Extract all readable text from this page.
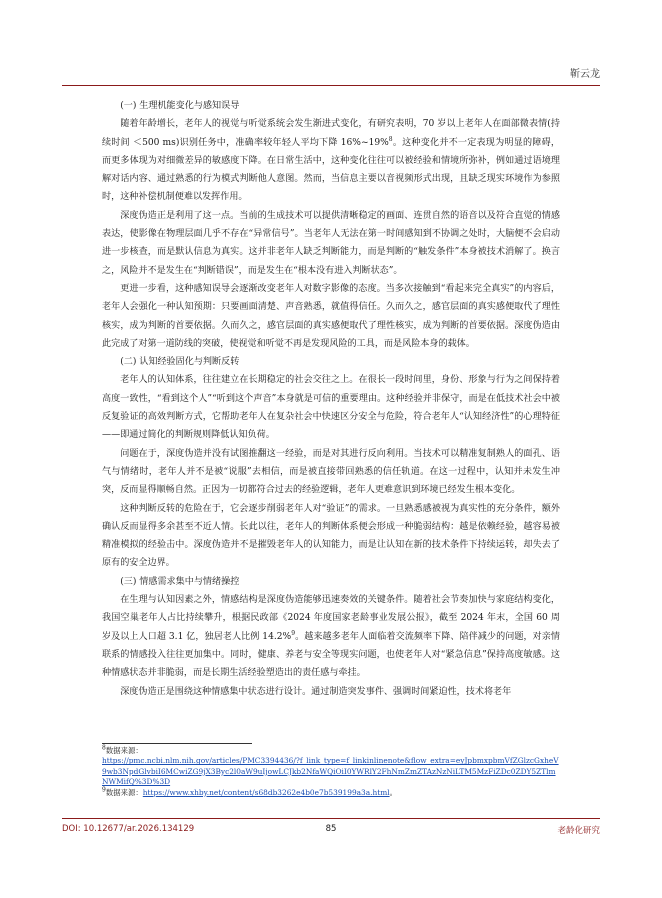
靳云龙
(一) 生理机能变化与感知误导

随着年龄增长，老年人的视觉与听觉系统会发生渐进式变化，有研究表明，70 岁以上老年人在面部微表情(持续时间 ＜500 ms)识别任务中，准确率较年轻人平均下降 16%~19%$^8$。这种变化并不一定表现为明显的障碍，而更多体现为对细微差异的敏感度下降。在日常生活中，这种变化往往可以被经验和情境所弥补，例如通过语境理解对话内容、通过熟悉的行为模式判断他人意图。然而，当信息主要以音视频形式出现，且缺乏现实环境作为参照时，这种补偿机制便难以发挥作用。

深度伪造正是利用了这一点。当前的生成技术可以提供清晰稳定的画面、连贯自然的语音以及符合直觉的情感表达，使影像在物理层面几乎不存在“异常信号”。当老年人无法在第一时间感知到不协调之处时，大脑便不会启动进一步核查，而是默认信息为真实。这并非老年人缺乏判断能力，而是判断的“触发条件”本身被技术消解了。换言之，风险并不是发生在“判断错误”，而是发生在“根本没有进入判断状态”。

更进一步看，这种感知误导会逐渐改变老年人对数字影像的态度。当多次接触到“看起来完全真实”的内容后，老年人会强化一种认知预期：只要画面清楚、声音熟悉，就值得信任。久而久之，感官层面的真实感便取代了理性核实，成为判断的首要依据。久而久之，感官层面的真实感便取代了理性核实，成为判断的首要依据。深度伪造由此完成了对第一道防线的突破，使视觉和听觉不再是发现风险的工具，而是风险本身的载体。

(二) 认知经验固化与判断反转

老年人的认知体系，往往建立在长期稳定的社会交往之上。在很长一段时间里，身份、形象与行为之间保持着高度一致性，“看到这个人”“听到这个声音”本身就是可信的重要理由。这种经验并非保守，而是在低技术社会中被反复验证的高效判断方式，它帮助老年人在复杂社会中快速区分安全与危险，符合老年人“认知经济性”的心理特征——即通过简化的判断规则降低认知负荷。

问题在于，深度伪造并没有试图推翻这一经验，而是对其进行反向利用。当技术可以精准复制熟人的面孔、语气与情绪时，老年人并不是被“说服”去相信，而是被直接带回熟悉的信任轨道。在这一过程中，认知并未发生冲突，反而显得顺畅自然。正因为一切都符合过去的经验逻辑，老年人更难意识到环境已经发生根本变化。

这种判断反转的危险在于，它会逐步削弱老年人对“验证”的需求。一旦熟悉感被视为真实性的充分条件，额外确认反而显得多余甚至不近人情。长此以往，老年人的判断体系便会形成一种脆弱结构：越是依赖经验，越容易被精准模拟的经验击中。深度伪造并不是摧毁老年人的认知能力，而是让认知在新的技术条件下持续运转，却失去了原有的安全边界。

(三) 情感需求集中与情绪操控

在生理与认知因素之外，情感结构是深度伪造能够迅速奏效的关键条件。随着社会节奏加快与家庭结构变化，我国空巢老年人占比持续攀升，根据民政部《2024 年度国家老龄事业发展公报》，截至 2024 年末，全国 60 周岁及以上人口超 3.1 亿，独居老人比例 14.2%$^9$。越来越多老年人面临着交流频率下降、陪伴减少的问题，对亲情联系的情感投入往往更加集中。同时，健康、养老与安全等现实问题，也使老年人对“紧急信息”保持高度敏感。这种情感状态并非脆弱，而是长期生活经验塑造出的责任感与牵挂。

深度伪造正是围绕这种情感集中状态进行设计。通过制造突发事件、强调时间紧迫性，技术将老年

$^8$数据来源：
https://pmc.ncbi.nlm.nih.gov/articles/PMC3394436/?f_link_type=f_linkinlinenote&flow_extra=eyJpbmxpbmVfZGlzcGxheV9wb3NpdGlvbiI6MCwiZG9jX3Byc2l0aW9uIjowLCJkb2NfaWQiOiI0YWRlY2FhNmZmZTAzNzNiLTM5MzFiZDc0ZDY5ZTlmNWMifQ%3D%3D
$^9$数据来源：https://www.xhby.net/content/s68db3262e4b0e7b539199a3a.html。
DOI: 10.12677/ar.2026.134129	85	老龄化研究
